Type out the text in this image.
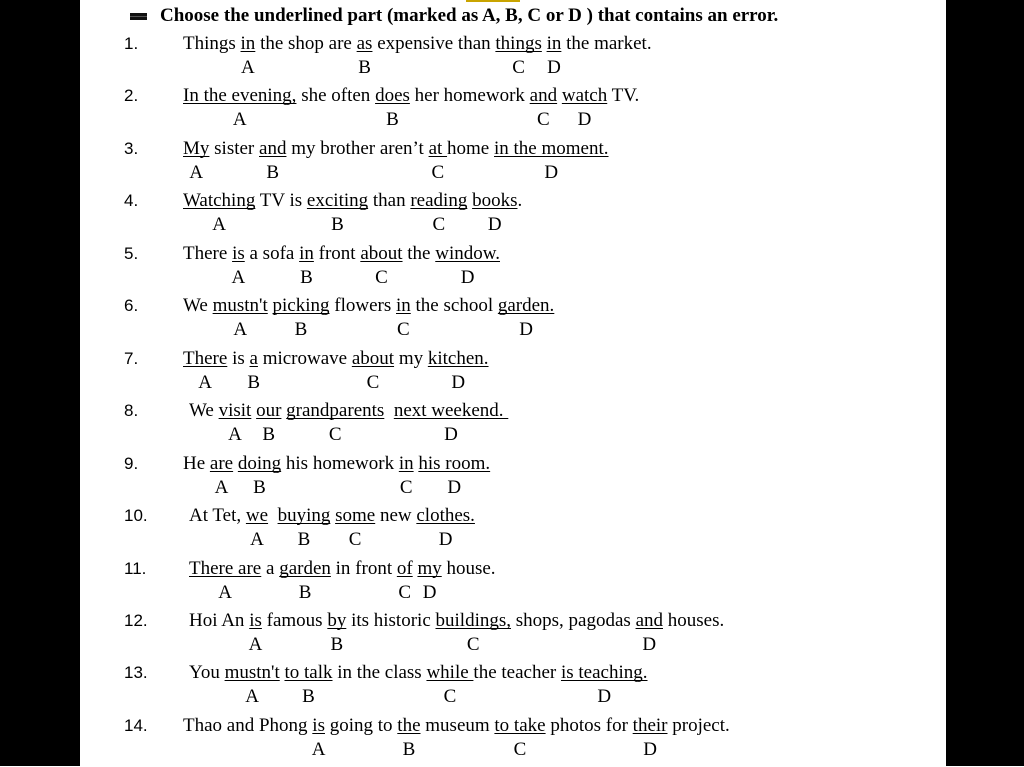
Choose the underlined part (marked as A, B, C or D ) that contains an error.
1. Things in
A
the shop are as
B
expensive than things
C
in
D
the market.
2. In the evening,
A
she often does
B
her homework and
C
watch
D
TV.
3. My
A
sister and
B
my brother aren’t at
C
home in the moment.
D
4. Watching
A
TV is exciting
B
than reading
C
books
D
.
5. There is
A
a sofa in
B
front about
C
the window.
D
6. We mustn't
A
picking
B
flowers in
C
the school garden.
D
7. There
A
is a
B
microwave about
C
my kitchen.
D
8.	We visit
A
our
B
grandparents
C
next weekend.
D
9. He are
A
doing
B
his homework in
C
his room.
D
10. At Tet, we
A
buying
B
some
C
new clothes.
D
11. There are
A
a garden
B
in front of
C
my
D
house.
12. Hoi An is
A
famous by
B
its historic buildings,
C
shops, pagodas and
D
houses.
13. You mustn't
A
to talk
B
in the class while
C
the teacher is teaching.
D
14. Thao and Phong is
A
going to the
B
museum to take
C
photos for their
D
project.
